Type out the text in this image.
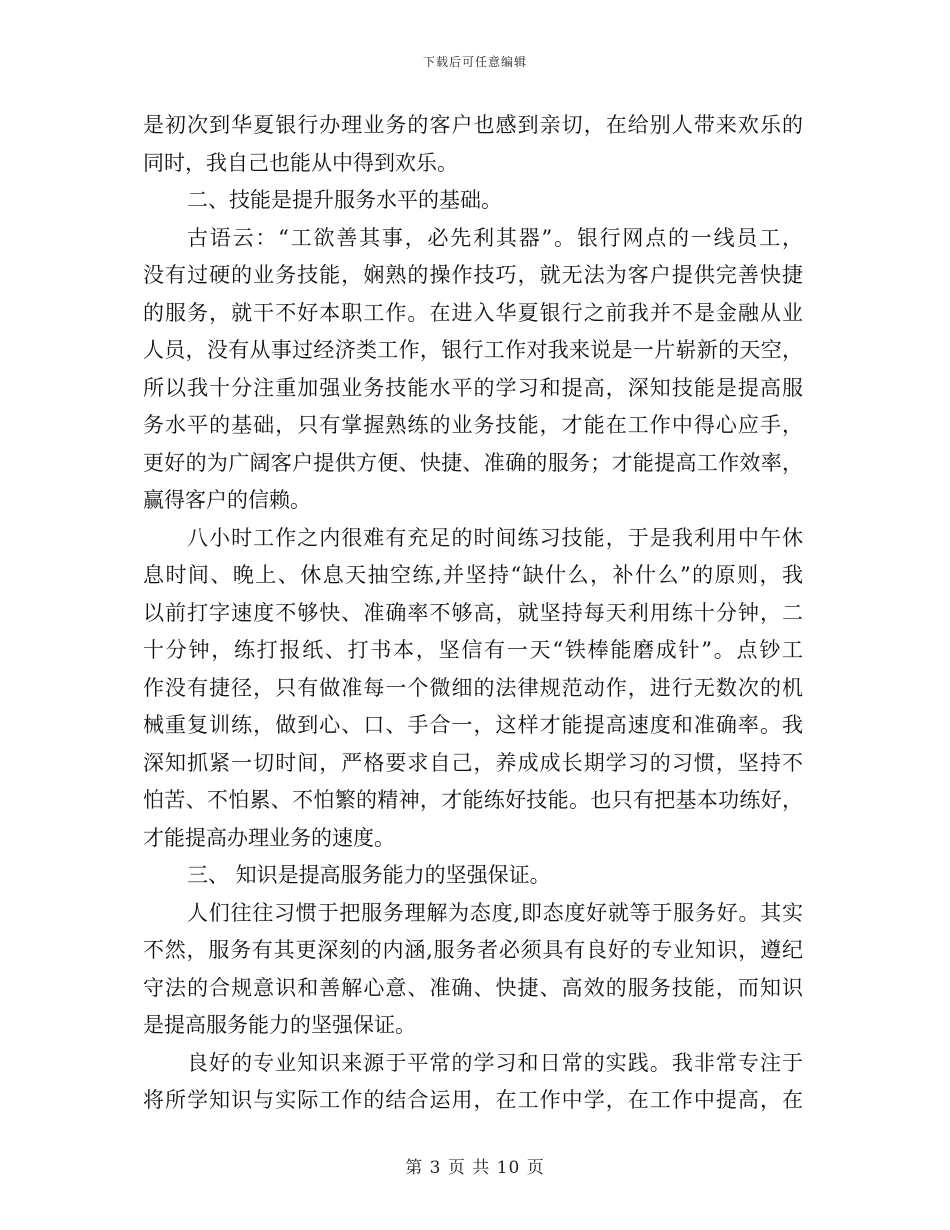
下载后可任意编辑
是初次到华夏银行办理业务的客户也感到亲切，在给别人带来欢乐的
同时，我自己也能从中得到欢乐。
二、技能是提升服务水平的基础。
古语云：“工欲善其事，必先利其器”。银行网点的一线员工，
没有过硬的业务技能，娴熟的操作技巧，就无法为客户提供完善快捷
的服务，就干不好本职工作。在进入华夏银行之前我并不是金融从业
人员，没有从事过经济类工作，银行工作对我来说是一片崭新的天空，
所以我十分注重加强业务技能水平的学习和提高，深知技能是提高服
务水平的基础，只有掌握熟练的业务技能，才能在工作中得心应手，
更好的为广阔客户提供方便、快捷、准确的服务；才能提高工作效率，
赢得客户的信赖。
八小时工作之内很难有充足的时间练习技能，于是我利用中午休
息时间、晚上、休息天抽空练,并坚持“缺什么，补什么”的原则，我
以前打字速度不够快、准确率不够高，就坚持每天利用练十分钟，二
十分钟，练打报纸、打书本，坚信有一天“铁棒能磨成针”。点钞工
作没有捷径，只有做准每一个微细的法律规范动作，进行无数次的机
械重复训练，做到心、口、手合一，这样才能提高速度和准确率。我
深知抓紧一切时间，严格要求自己，养成成长期学习的习惯，坚持不
怕苦、不怕累、不怕繁的精神，才能练好技能。也只有把基本功练好，
才能提高办理业务的速度。
三、 知识是提高服务能力的坚强保证。
人们往往习惯于把服务理解为态度,即态度好就等于服务好。其实
不然，服务有其更深刻的内涵,服务者必须具有良好的专业知识，遵纪
守法的合规意识和善解心意、准确、快捷、高效的服务技能，而知识
是提高服务能力的坚强保证。
良好的专业知识来源于平常的学习和日常的实践。我非常专注于
将所学知识与实际工作的结合运用，在工作中学，在工作中提高，在
第 3 页 共 10 页
